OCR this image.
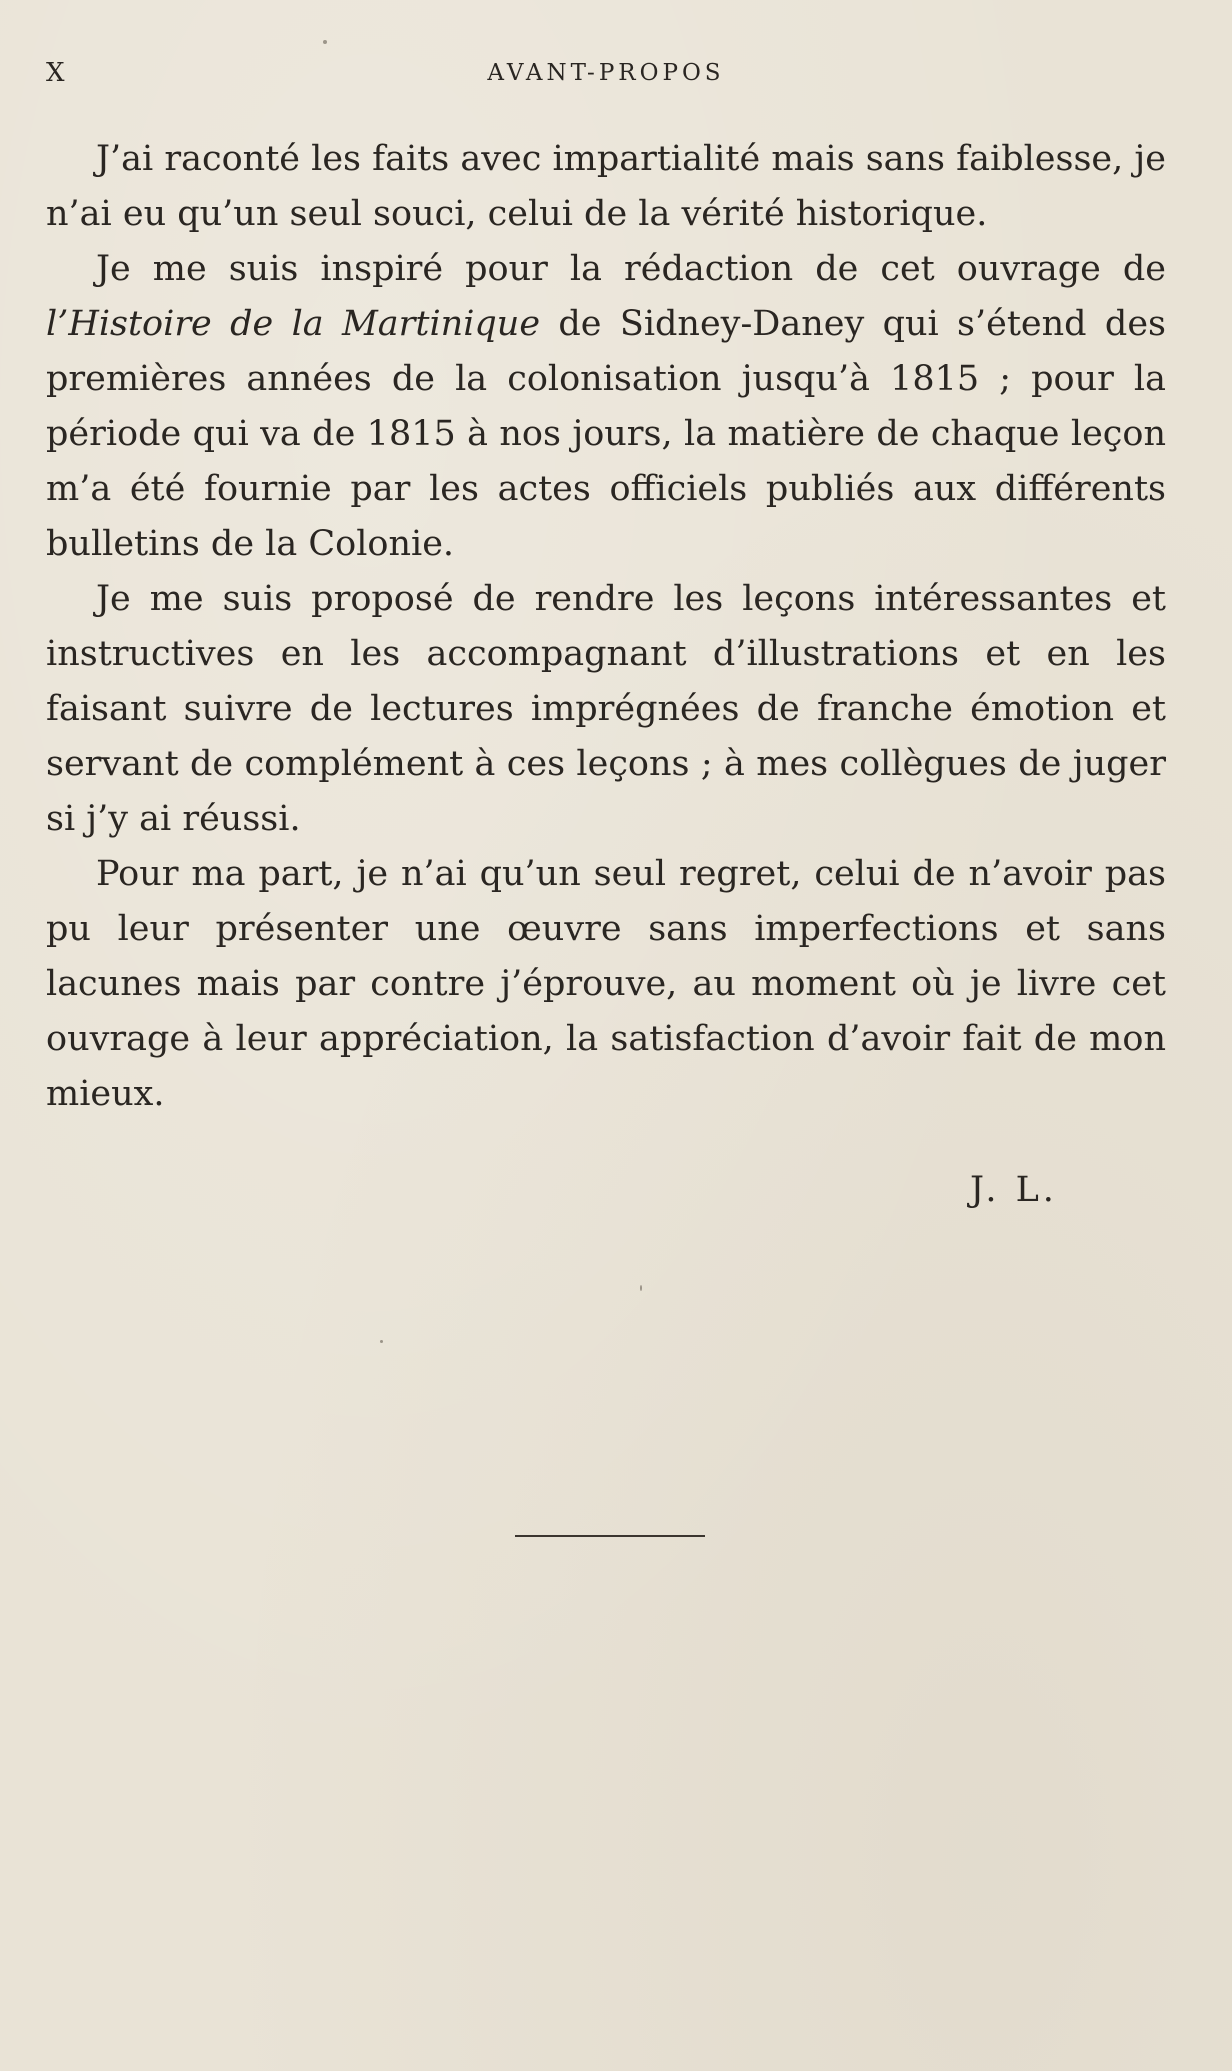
X	AVANT-PROPOS

J’ai raconté les faits avec impartialité mais sans faiblesse, je n’ai eu qu’un seul souci, celui de la vérité historique.

Je me suis inspiré pour la rédaction de cet ouvrage de l’Histoire de la Martinique de Sidney-Daney qui s’étend des premières années de la colonisation jusqu’à 1815 ; pour la période qui va de 1815 à nos jours, la matière de chaque leçon m’a été fournie par les actes officiels publiés aux différents bulletins de la Colonie.

Je me suis proposé de rendre les leçons intéressantes et instructives en les accompagnant d’illustrations et en les faisant suivre de lectures imprégnées de franche émotion et servant de complément à ces leçons ; à mes collègues de juger si j’y ai réussi.

Pour ma part, je n’ai qu’un seul regret, celui de n’avoir pas pu leur présenter une œuvre sans imperfections et sans lacunes mais par contre j’éprouve, au moment où je livre cet ouvrage à leur appréciation, la satisfaction d’avoir fait de mon mieux.

J. L.
